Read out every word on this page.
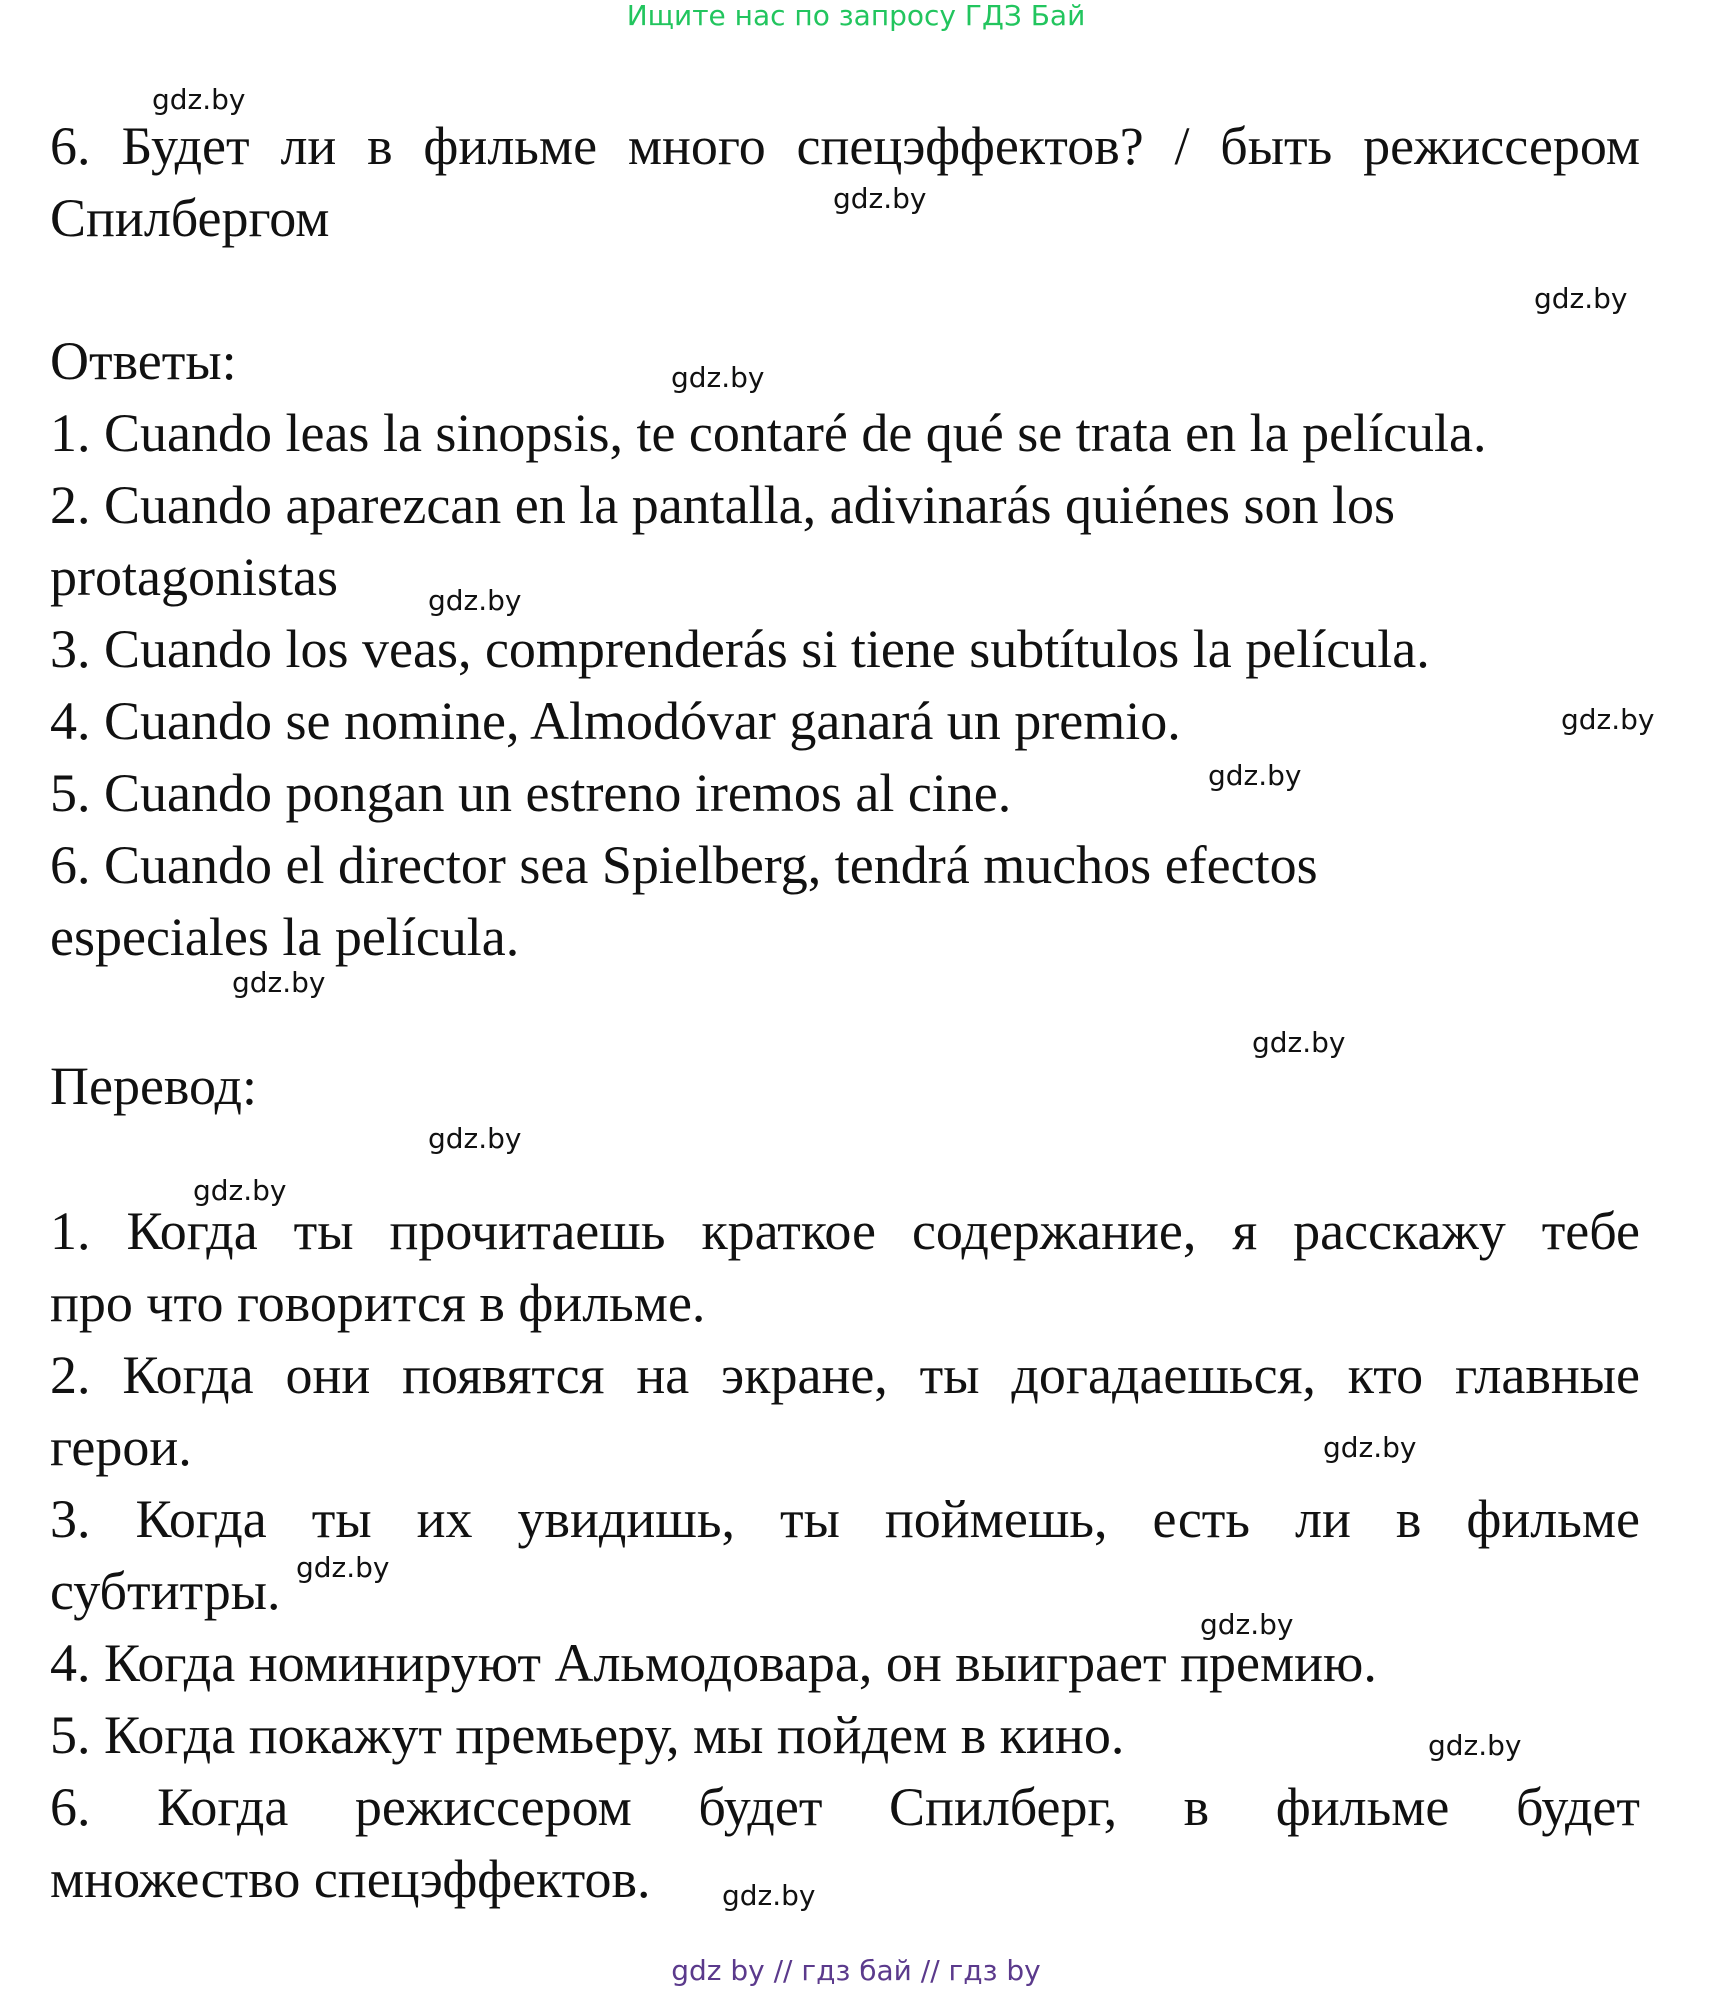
Ищите нас по запросу ГДЗ Бай
6. Будет ли в фильме много спецэффектов? / быть режиссером
Спилбергом
Ответы:
1. Cuando leas la sinopsis, te contaré de qué se trata en la película.
2. Cuando aparezcan en la pantalla, adivinarás quiénes son los
protagonistas
3. Cuando los veas, comprenderás si tiene subtítulos la película.
4. Cuando se nomine, Almodóvar ganará un premio.
5. Cuando pongan un estreno iremos al cine.
6. Cuando el director sea Spielberg, tendrá muchos efectos
especiales la película.
Перевод:
1. Когда ты прочитаешь краткое содержание, я расскажу тебе
про что говорится в фильме.
2. Когда они появятся на экране, ты догадаешься, кто главные
герои.
3. Когда ты их увидишь, ты поймешь, есть ли в фильме
субтитры.
4. Когда номинируют Альмодовара, он выиграет премию.
5. Когда покажут премьеру, мы пойдем в кино.
6. Когда режиссером будет Спилберг, в фильме будет
множество спецэффектов.
gdz.by
gdz.by
gdz.by
gdz.by
gdz.by
gdz.by
gdz.by
gdz.by
gdz.by
gdz.by
gdz.by
gdz.by
gdz.by
gdz.by
gdz.by
gdz.by
gdz by // гдз бай // гдз by
